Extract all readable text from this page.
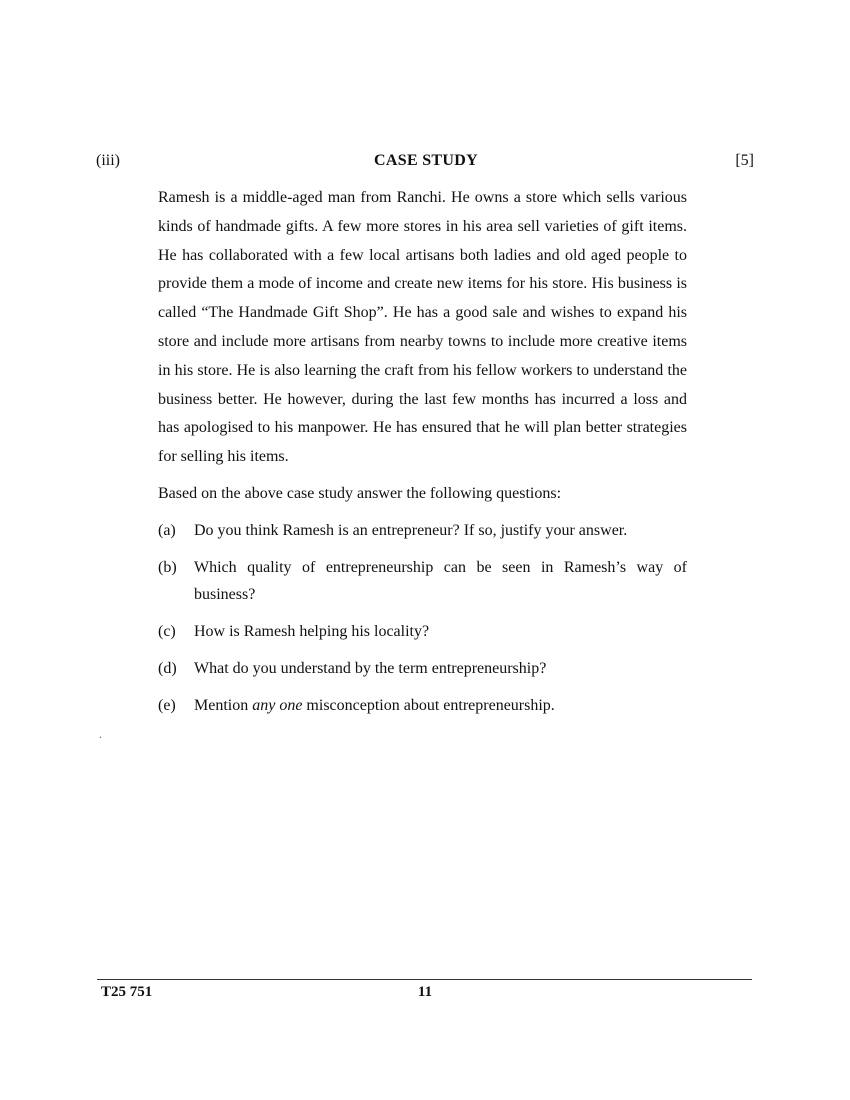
(iii)	CASE STUDY	[5]

Ramesh is a middle-aged man from Ranchi. He owns a store which sells various kinds of handmade gifts. A few more stores in his area sell varieties of gift items. He has collaborated with a few local artisans both ladies and old aged people to provide them a mode of income and create new items for his store. His business is called “The Handmade Gift Shop”. He has a good sale and wishes to expand his store and include more artisans from nearby towns to include more creative items in his store. He is also learning the craft from his fellow workers to understand the business better. He however, during the last few months has incurred a loss and has apologised to his manpower. He has ensured that he will plan better strategies for selling his items.

Based on the above case study answer the following questions:

(a) Do you think Ramesh is an entrepreneur? If so, justify your answer.
(b) Which quality of entrepreneurship can be seen in Ramesh’s way of business?
(c) How is Ramesh helping his locality?
(d) What do you understand by the term entrepreneurship?
(e) Mention any one misconception about entrepreneurship.
.
T25 751	11
